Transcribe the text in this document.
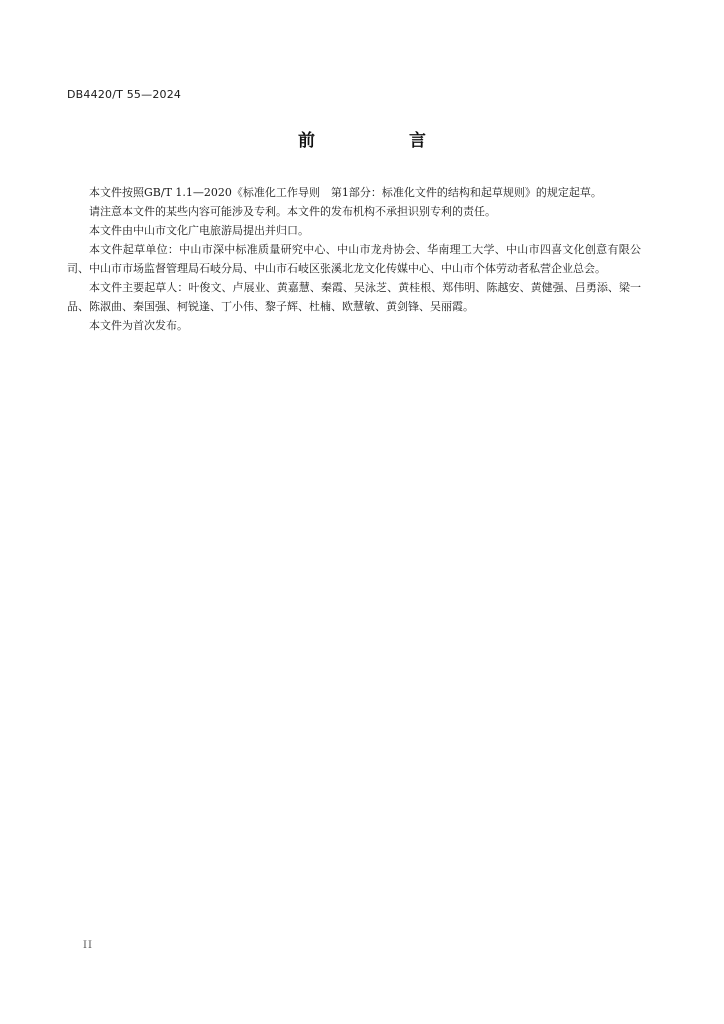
DB4420/T 55—2024
前 言

本文件按照GB/T 1.1—2020《标准化工作导则　第1部分：标准化文件的结构和起草规则》的规定起草。

请注意本文件的某些内容可能涉及专利。本文件的发布机构不承担识别专利的责任。

本文件由中山市文化广电旅游局提出并归口。

本文件起草单位：中山市深中标准质量研究中心、中山市龙舟协会、华南理工大学、中山市四喜文化创意有限公司、中山市市场监督管理局石岐分局、中山市石岐区张溪北龙文化传媒中心、中山市个体劳动者私营企业总会。

本文件主要起草人：叶俊文、卢展业、黄嘉慧、秦霞、吴泳芝、黄桂根、郑伟明、陈越安、黄健强、吕勇添、梁一品、陈淑曲、秦国强、柯锐逢、丁小伟、黎子辉、杜楠、欧慧敏、黄剑锋、吴丽霞。

本文件为首次发布。

II
